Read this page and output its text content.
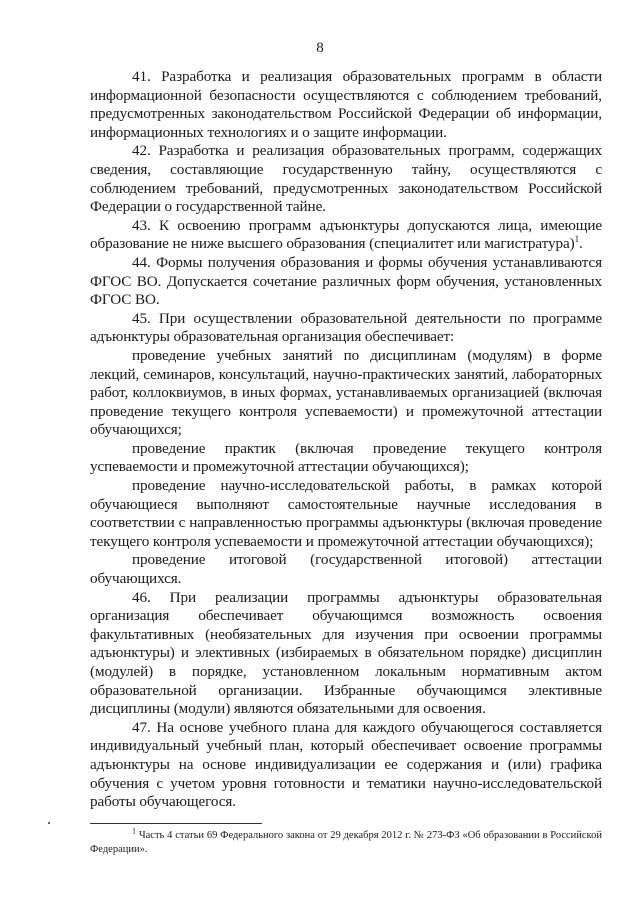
8

41. Разработка и реализация образовательных программ в области информационной безопасности осуществляются с соблюдением требований, предусмотренных законодательством Российской Федерации об информации, информационных технологиях и о защите информации.

42. Разработка и реализация образовательных программ, содержащих сведения, составляющие государственную тайну, осуществляются с соблюдением требований, предусмотренных законодательством Российской Федерации о государственной тайне.

43. К освоению программ адъюнктуры допускаются лица, имеющие образование не ниже высшего образования (специалитет или магистратура)$^1$.

44. Формы получения образования и формы обучения устанавливаются ФГОС ВО. Допускается сочетание различных форм обучения, установленных ФГОС ВО.

45. При осуществлении образовательной деятельности по программе адъюнктуры образовательная организация обеспечивает:

проведение учебных занятий по дисциплинам (модулям) в форме лекций, семинаров, консультаций, научно-практических занятий, лабораторных работ, коллоквиумов, в иных формах, устанавливаемых организацией (включая проведение текущего контроля успеваемости) и промежуточной аттестации обучающихся;

проведение практик (включая проведение текущего контроля успеваемости и промежуточной аттестации обучающихся);

проведение научно-исследовательской работы, в рамках которой обучающиеся выполняют самостоятельные научные исследования в соответствии с направленностью программы адъюнктуры (включая проведение текущего контроля успеваемости и промежуточной аттестации обучающихся);

проведение итоговой (государственной итоговой) аттестации обучающихся.

46. При реализации программы адъюнктуры образовательная организация обеспечивает обучающимся возможность освоения факультативных (необязательных для изучения при освоении программы адъюнктуры) и элективных (избираемых в обязательном порядке) дисциплин (модулей) в порядке, установленном локальным нормативным актом образовательной организации. Избранные обучающимся элективные дисциплины (модули) являются обязательными для освоения.

47. На основе учебного плана для каждого обучающегося составляется индивидуальный учебный план, который обеспечивает освоение программы адъюнктуры на основе индивидуализации ее содержания и (или) графика обучения с учетом уровня готовности и тематики научно-исследовательской работы обучающегося.

$^1$ Часть 4 статьи 69 Федерального закона от 29 декабря 2012 г. № 273-ФЗ «Об образовании в Российской Федерации».
